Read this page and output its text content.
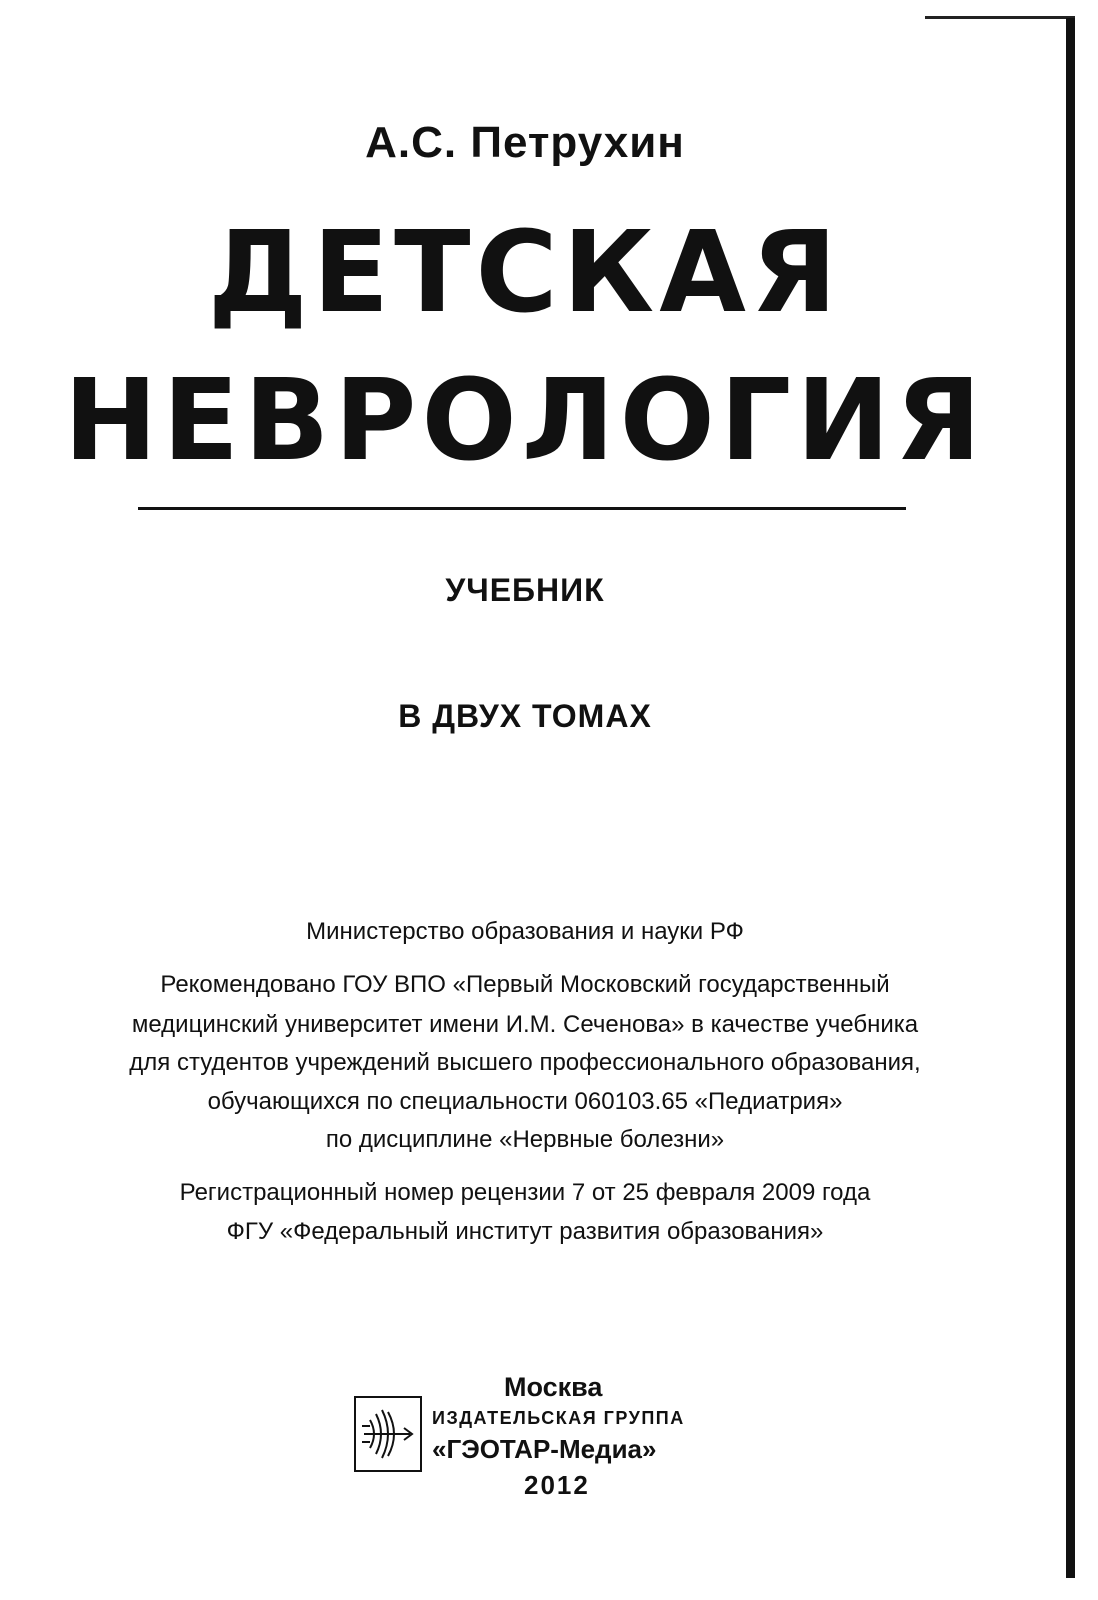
А.С. Петрухин
ДЕТСКАЯ
НЕВРОЛОГИЯ
УЧЕБНИК
В ДВУХ ТОМАХ
Министерство образования и науки РФ
Рекомендовано ГОУ ВПО «Первый Московский государственный
медицинский университет имени И.М. Сеченова» в качестве учебника
для студентов учреждений высшего профессионального образования,
обучающихся по специальности 060103.65 «Педиатрия»
по дисциплине «Нервные болезни»
Регистрационный номер рецензии 7 от 25 февраля 2009 года
ФГУ «Федеральный институт развития образования»
Москва
ИЗДАТЕЛЬСКАЯ ГРУППА
«ГЭОТАР-Медиа»
2012
